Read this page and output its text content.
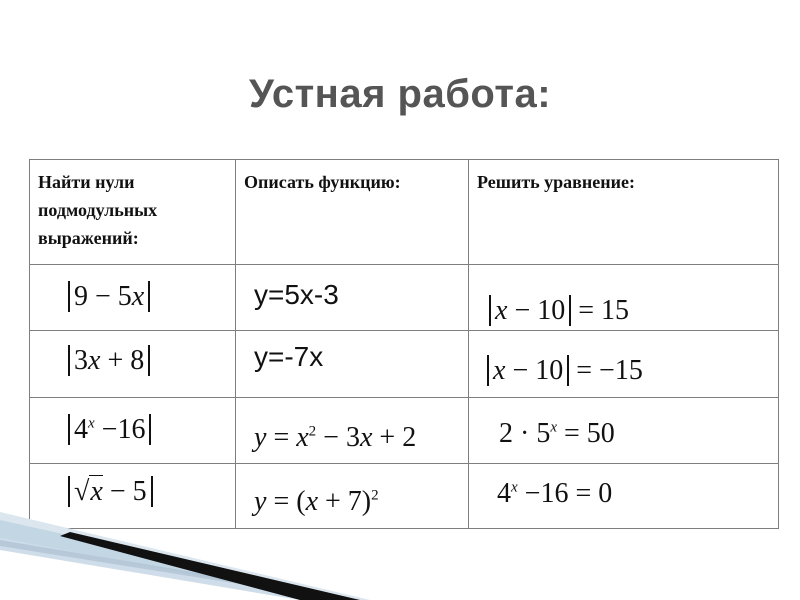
Устная работа:
Найти нули подмодульных выражений:	Описать функцию:	Решить уравнение:

9 − 5x	y=5x-3	x − 10 = 15

3x + 8	y=-7x	x − 10 = −15

$4^x -16$	$y = x^2 - 3x + 2$	$2 \cdot 5^x = 50$

√x − 5	$y = (x + 7)^2$	$4^x -16 = 0$
